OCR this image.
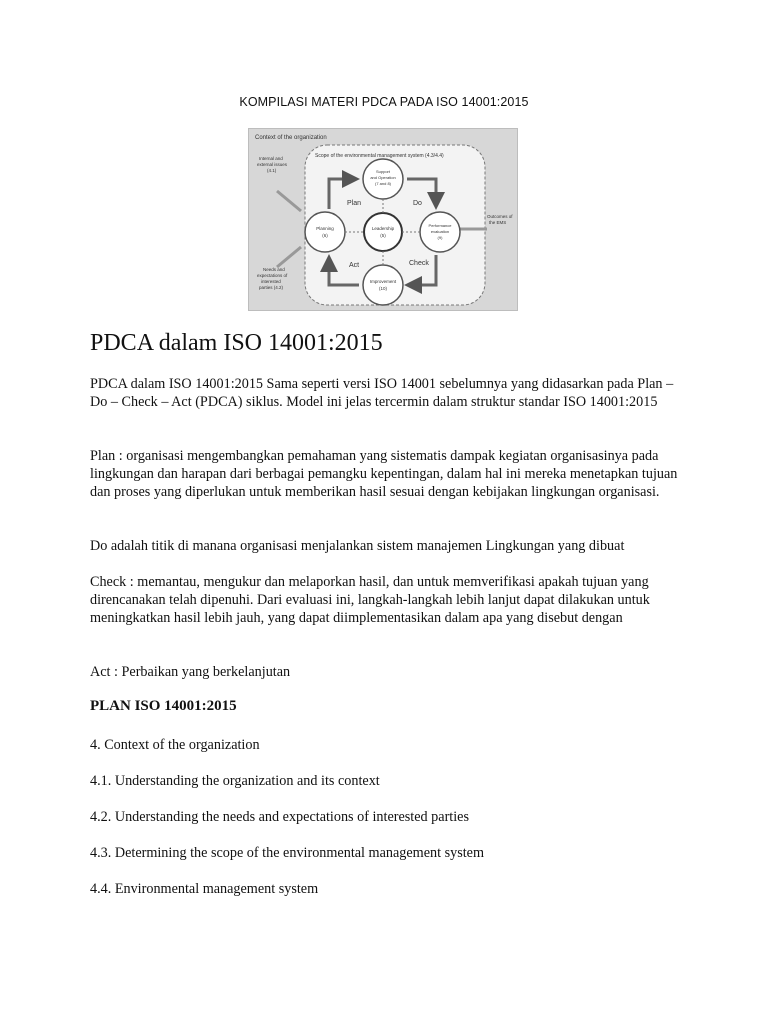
KOMPILASI MATERI PDCA PADA ISO 14001:2015
Context of the organization
Scope of the environmental management system (4.3/4.4)
Internal and external issues (4.1)
Needs and expectations of interested parties (4.2)
Outcomes of the EMS
Support and Operation (7 and 8)
Planning (6)
Leadership (5)
Performance evaluation (9)
Improvement (10)
Plan	Do
Check
Act
PDCA dalam ISO 14001:2015

PDCA dalam ISO 14001:2015 Sama seperti versi ISO 14001 sebelumnya yang didasarkan pada Plan – Do – Check – Act (PDCA) siklus. Model ini jelas tercermin dalam struktur standar ISO 14001:2015

Plan : organisasi mengembangkan pemahaman yang sistematis dampak kegiatan organisasinya pada lingkungan dan harapan dari berbagai pemangku kepentingan, dalam hal ini mereka menetapkan tujuan dan proses yang diperlukan untuk memberikan hasil sesuai dengan kebijakan lingkungan organisasi.

Do adalah titik di manana organisasi menjalankan sistem manajemen Lingkungan yang dibuat

Check : memantau, mengukur dan melaporkan hasil, dan untuk memverifikasi apakah tujuan yang direncanakan telah dipenuhi. Dari evaluasi ini, langkah-langkah lebih lanjut dapat dilakukan untuk meningkatkan hasil lebih jauh, yang dapat diimplementasikan dalam apa yang disebut dengan

Act : Perbaikan yang berkelanjutan

PLAN ISO 14001:2015

4. Context of the organization

4.1. Understanding the organization and its context

4.2. Understanding the needs and expectations of interested parties

4.3. Determining the scope of the environmental management system

4.4. Environmental management system
